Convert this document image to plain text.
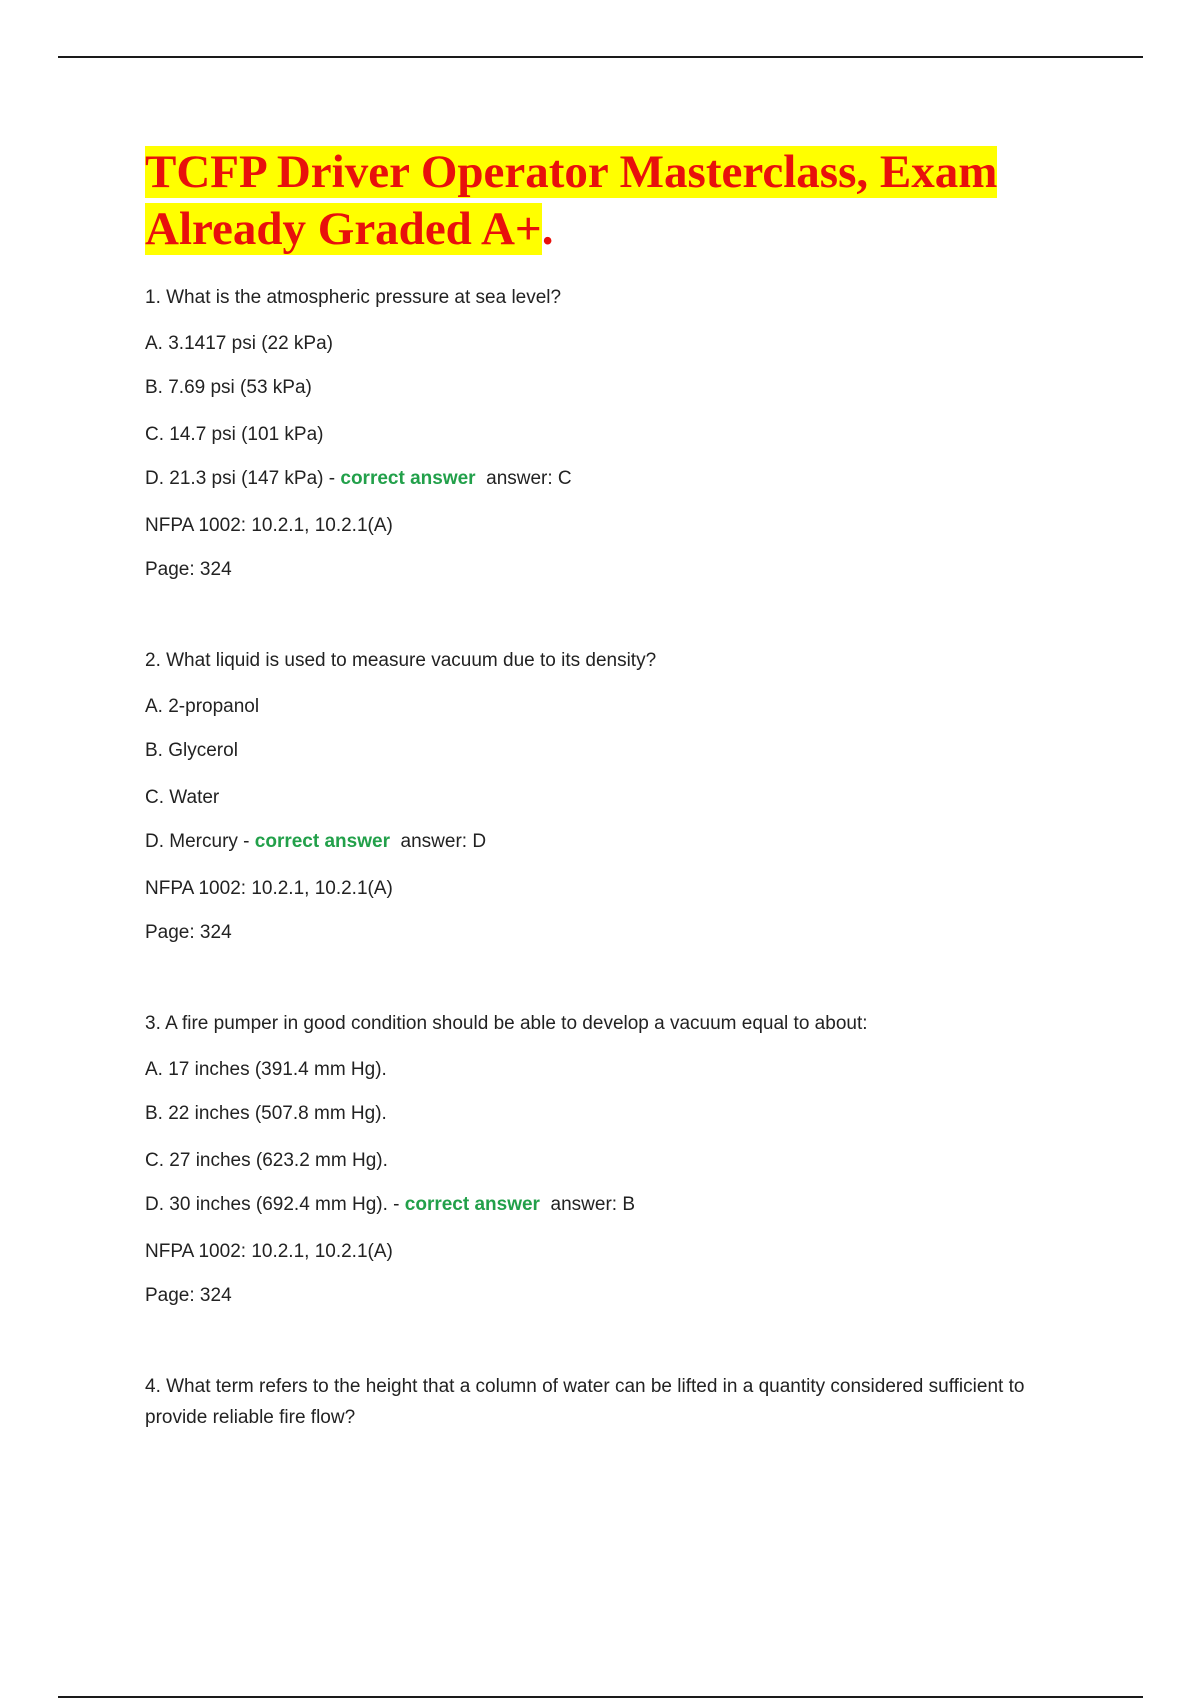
TCFP Driver Operator Masterclass, Exam Already Graded A+.
1. What is the atmospheric pressure at sea level?
A. 3.1417 psi (22 kPa)
B. 7.69 psi (53 kPa)
C. 14.7 psi (101 kPa)
D. 21.3 psi (147 kPa) - correct answer answer: C
NFPA 1002: 10.2.1, 10.2.1(A)
Page: 324
2. What liquid is used to measure vacuum due to its density?
A. 2-propanol
B. Glycerol
C. Water
D. Mercury - correct answer answer: D
NFPA 1002: 10.2.1, 10.2.1(A)
Page: 324
3. A fire pumper in good condition should be able to develop a vacuum equal to about:
A. 17 inches (391.4 mm Hg).
B. 22 inches (507.8 mm Hg).
C. 27 inches (623.2 mm Hg).
D. 30 inches (692.4 mm Hg). - correct answer answer: B
NFPA 1002: 10.2.1, 10.2.1(A)
Page: 324
4. What term refers to the height that a column of water can be lifted in a quantity considered sufficient to provide reliable fire flow?
